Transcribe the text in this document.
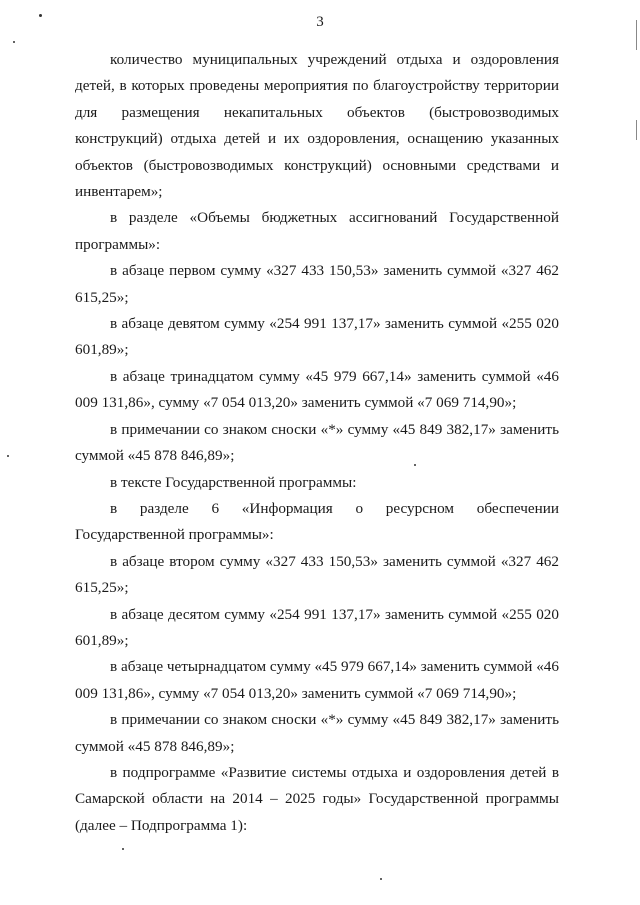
3

количество муниципальных учреждений отдыха и оздоровления

детей, в которых проведены мероприятия по благоустройству территории для размещения некапитальных объектов (быстровозводимых конструкций) отдыха детей и их оздоровления, оснащению указанных объектов (быстровозводимых конструкций) основными средствами и инвентарем»;

в разделе «Объемы бюджетных ассигнований Государственной программы»:

в абзаце первом сумму «327 433 150,53» заменить суммой «327 462 615,25»;

в абзаце девятом сумму «254 991 137,17» заменить суммой «255 020 601,89»;

в абзаце тринадцатом сумму «45 979 667,14» заменить суммой «46 009 131,86», сумму «7 054 013,20» заменить суммой «7 069 714,90»;

в примечании со знаком сноски «*» сумму «45 849 382,17» заменить суммой «45 878 846,89»;

в тексте Государственной программы:

в разделе 6 «Информация о ресурсном обеспечении Государственной программы»:

в абзаце втором сумму «327 433 150,53» заменить суммой «327 462 615,25»;

в абзаце десятом сумму «254 991 137,17» заменить суммой «255 020 601,89»;

в абзаце четырнадцатом сумму «45 979 667,14» заменить суммой «46 009 131,86», сумму «7 054 013,20» заменить суммой «7 069 714,90»;

в примечании со знаком сноски «*» сумму «45 849 382,17» заменить суммой «45 878 846,89»;

в подпрограмме «Развитие системы отдыха и оздоровления детей в Самарской области на 2014 – 2025 годы» Государственной программы (далее – Подпрограмма 1):
